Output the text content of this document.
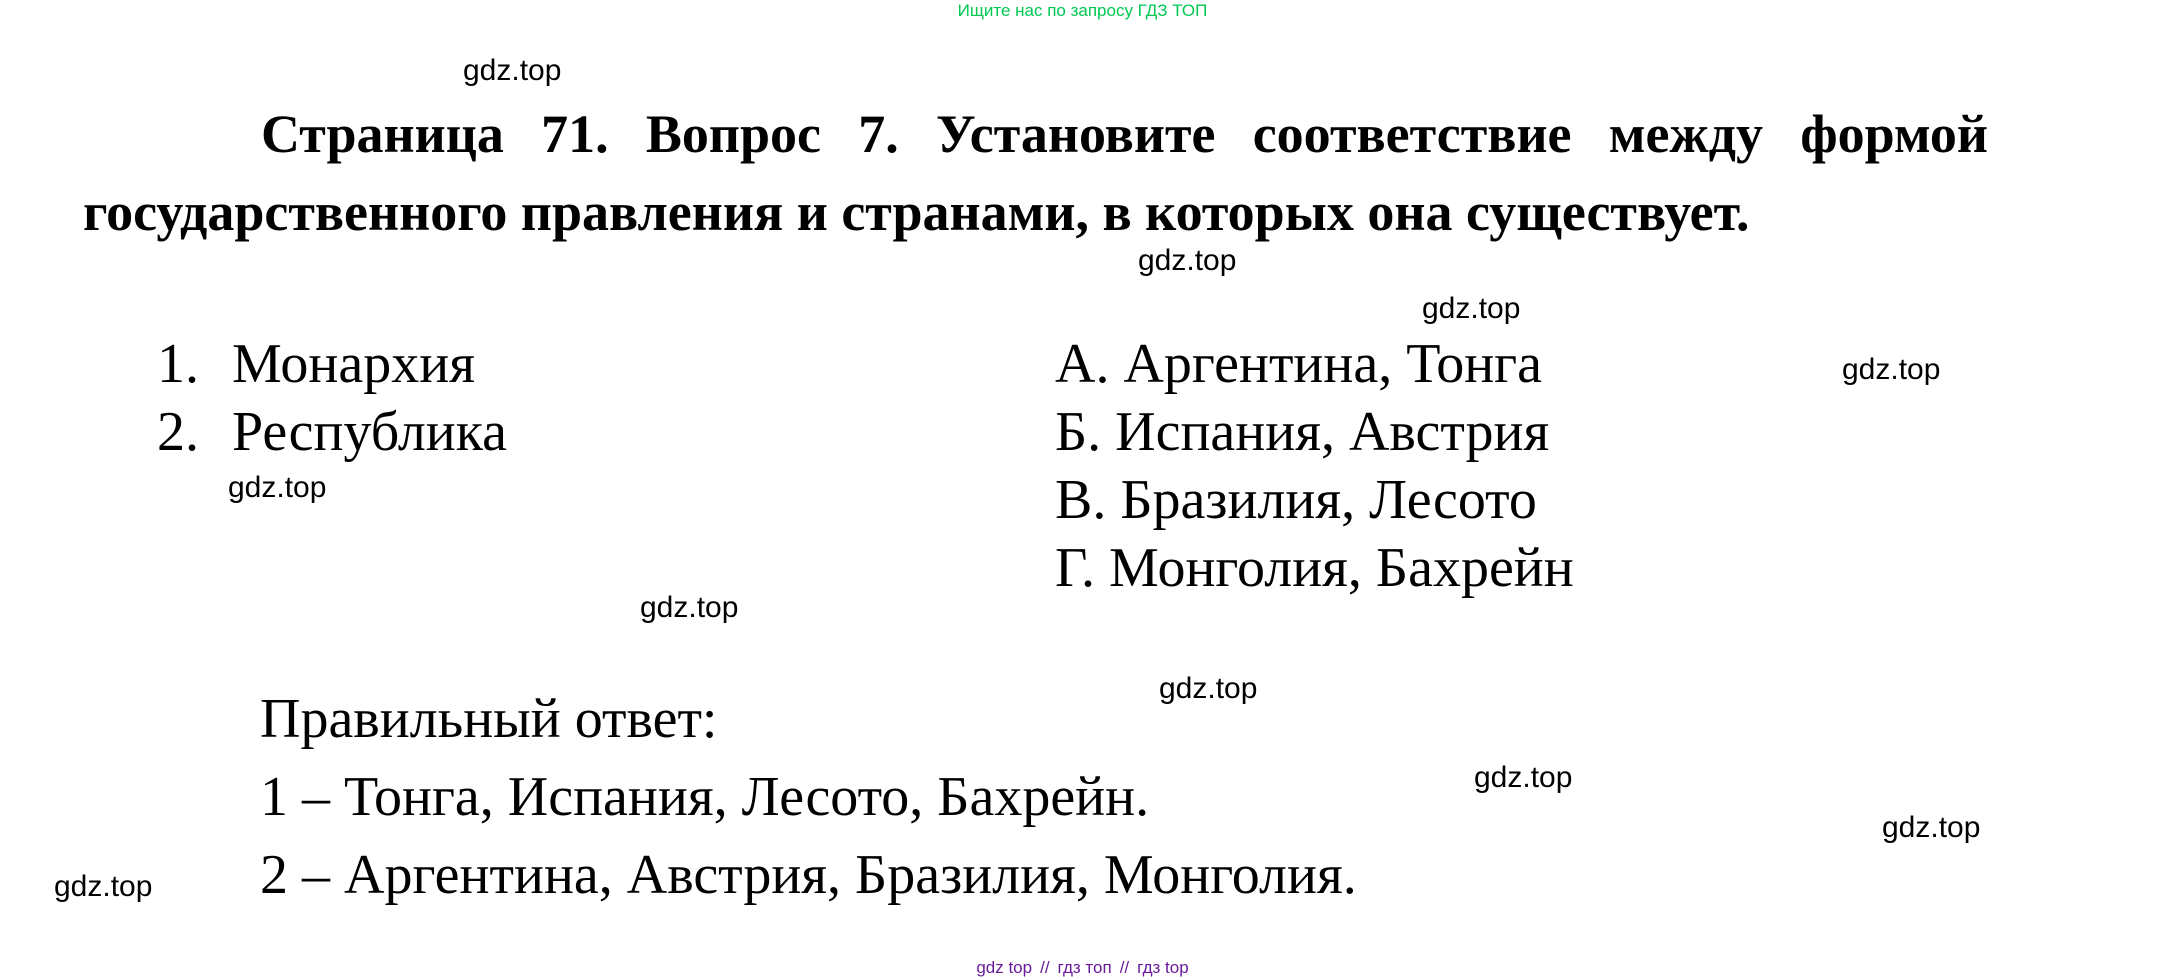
Ищите нас по запросу ГДЗ ТОП
gdz.top
gdz.top
gdz.top
gdz.top
gdz.top
gdz.top
gdz.top
gdz.top
gdz.top
gdz.top
Страница 71. Вопрос 7. Установите соответствие между формой государственного правления и странами, в которых она существует.
1. Монархия
2. Республика
А. Аргентина, Тонга
Б. Испания, Австрия
В. Бразилия, Лесото
Г. Монголия, Бахрейн
Правильный ответ:
1 – Тонга, Испания, Лесото, Бахрейн.
2 – Аргентина, Австрия, Бразилия, Монголия.
gdz top // гдз топ // гдз top
